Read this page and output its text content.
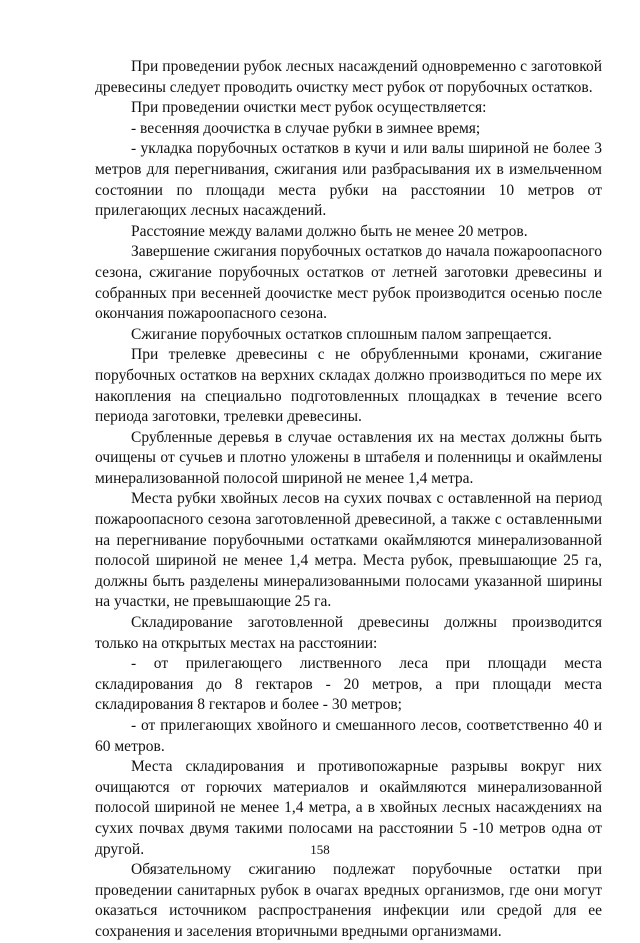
При проведении рубок лесных насаждений одновременно с заготовкой древесины следует проводить очистку мест рубок от порубочных остатков.

При проведении очистки мест рубок осуществляется:

- весенняя доочистка в случае рубки в зимнее время;

- укладка порубочных остатков в кучи и или валы шириной не более 3 метров для перегнивания, сжигания или разбрасывания их в измельченном состоянии по площади места рубки на расстоянии 10 метров от прилегающих лесных насаждений.

Расстояние между валами должно быть не менее 20 метров.

Завершение сжигания порубочных остатков до начала пожароопасного сезона, сжигание порубочных остатков от летней заготовки древесины и собранных при весенней доочистке мест рубок производится осенью после окончания пожароопасного сезона.

Сжигание порубочных остатков сплошным палом запрещается.

При трелевке древесины с не обрубленными кронами, сжигание порубочных остатков на верхних складах должно производиться по мере их накопления на специально подготовленных площадках в течение всего периода заготовки, трелевки древесины.

Срубленные деревья в случае оставления их на местах должны быть очищены от сучьев и плотно уложены в штабеля и поленницы и окаймлены минерализованной полосой шириной не менее 1,4 метра.

Места рубки хвойных лесов на сухих почвах с оставленной на период пожароопасного сезона заготовленной древесиной, а также с оставленными на перегнивание порубочными остатками окаймляются минерализованной полосой шириной не менее 1,4 метра. Места рубок, превышающие 25 га, должны быть разделены минерализованными полосами указанной ширины на участки, не превышающие 25 га.

Складирование заготовленной древесины должны производится только на открытых местах на расстоянии:

- от прилегающего лиственного леса при площади места складирования до 8 гектаров - 20 метров, а при площади места складирования 8 гектаров и более - 30 метров;

- от прилегающих хвойного и смешанного лесов, соответственно 40 и 60 метров.

Места складирования и противопожарные разрывы вокруг них очищаются от горючих материалов и окаймляются минерализованной полосой шириной не менее 1,4 метра, а в хвойных лесных насаждениях на сухих почвах двумя такими полосами на расстоянии 5 -10 метров одна от другой.

Обязательному сжиганию подлежат порубочные остатки при проведении санитарных рубок в очагах вредных организмов, где они могут оказаться источником распространения инфекции или средой для ее сохранения и заселения вторичными вредными организмами.

158
